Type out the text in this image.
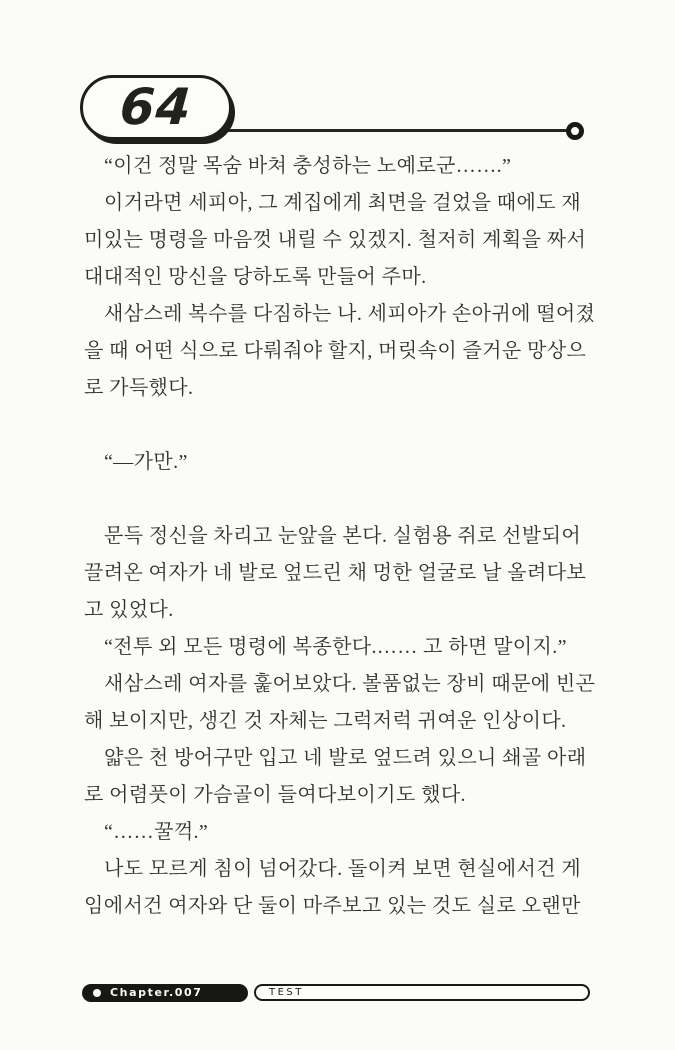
64
“이건 정말 목숨 바쳐 충성하는 노예로군…….”
이거라면 세피아, 그 계집에게 최면을 걸었을 때에도 재
미있는 명령을 마음껏 내릴 수 있겠지. 철저히 계획을 짜서
대대적인 망신을 당하도록 만들어 주마.
새삼스레 복수를 다짐하는 나. 세피아가 손아귀에 떨어졌
을 때 어떤 식으로 다뤄줘야 할지, 머릿속이 즐거운 망상으
로 가득했다.
“—가만.”
문득 정신을 차리고 눈앞을 본다. 실험용 쥐로 선발되어
끌려온 여자가 네 발로 엎드린 채 멍한 얼굴로 날 올려다보
고 있었다.
“전투 외 모든 명령에 복종한다.…… 고 하면 말이지.”
새삼스레 여자를 훑어보았다. 볼품없는 장비 때문에 빈곤
해 보이지만, 생긴 것 자체는 그럭저럭 귀여운 인상이다.
얇은 천 방어구만 입고 네 발로 엎드려 있으니 쇄골 아래
로 어렴풋이 가슴골이 들여다보이기도 했다.
“……꿀꺽.”
나도 모르게 침이 넘어갔다. 돌이켜 보면 현실에서건 게
임에서건 여자와 단 둘이 마주보고 있는 것도 실로 오랜만
Chapter.007	TEST
